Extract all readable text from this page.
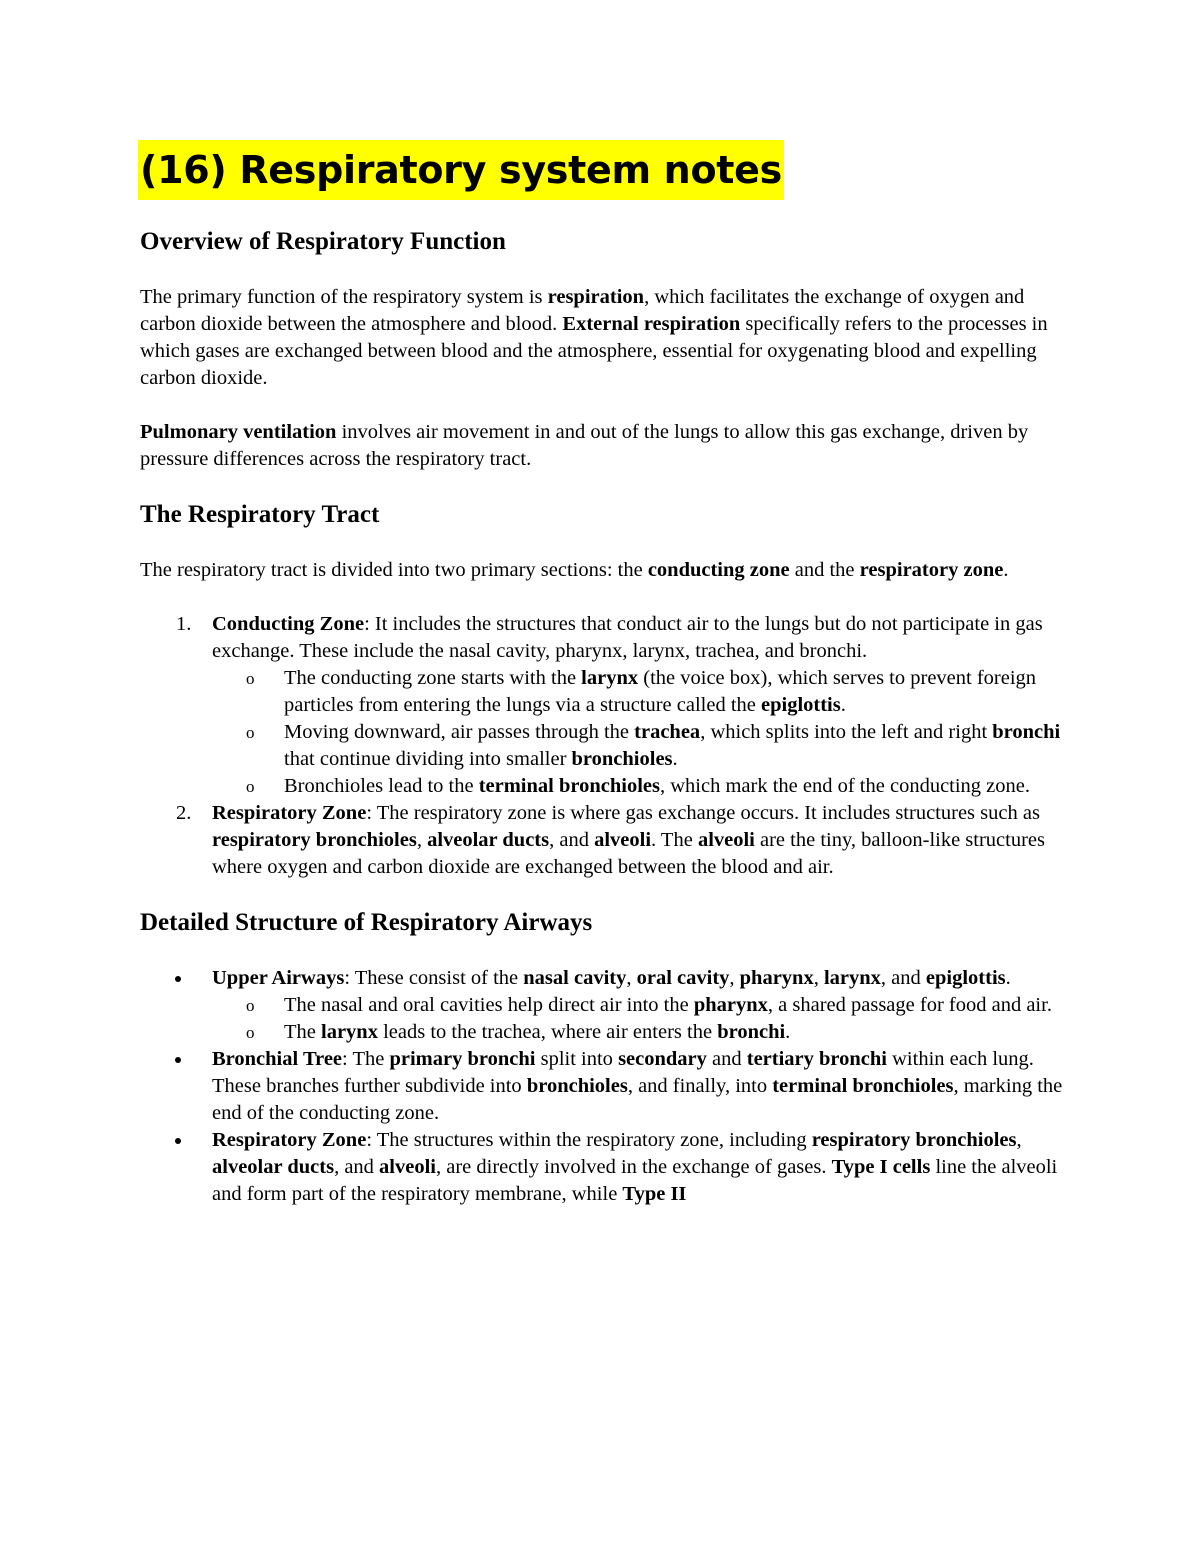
(16) Respiratory system notes
Overview of Respiratory Function

The primary function of the respiratory system is respiration, which facilitates the exchange of oxygen and carbon dioxide between the atmosphere and blood. External respiration specifically refers to the processes in which gases are exchanged between blood and the atmosphere, essential for oxygenating blood and expelling carbon dioxide.

Pulmonary ventilation involves air movement in and out of the lungs to allow this gas exchange, driven by pressure differences across the respiratory tract.

The Respiratory Tract

The respiratory tract is divided into two primary sections: the conducting zone and the respiratory zone.

1. Conducting Zone: It includes the structures that conduct air to the lungs but do not participate in gas exchange. These include the nasal cavity, pharynx, larynx, trachea, and bronchi.
o The conducting zone starts with the larynx (the voice box), which serves to prevent foreign particles from entering the lungs via a structure called the epiglottis.
o Moving downward, air passes through the trachea, which splits into the left and right bronchi that continue dividing into smaller bronchioles.
o Bronchioles lead to the terminal bronchioles, which mark the end of the conducting zone.
2. Respiratory Zone: The respiratory zone is where gas exchange occurs. It includes structures such as respiratory bronchioles, alveolar ducts, and alveoli. The alveoli are the tiny, balloon-like structures where oxygen and carbon dioxide are exchanged between the blood and air.
Detailed Structure of Respiratory Airways
Upper Airways: These consist of the nasal cavity, oral cavity, pharynx, larynx, and epiglottis.
o The nasal and oral cavities help direct air into the pharynx, a shared passage for food and air.
o The larynx leads to the trachea, where air enters the bronchi.
Bronchial Tree: The primary bronchi split into secondary and tertiary bronchi within each lung. These branches further subdivide into bronchioles, and finally, into terminal bronchioles, marking the end of the conducting zone.
Respiratory Zone: The structures within the respiratory zone, including respiratory bronchioles, alveolar ducts, and alveoli, are directly involved in the exchange of gases. Type I cells line the alveoli and form part of the respiratory membrane, while Type II
